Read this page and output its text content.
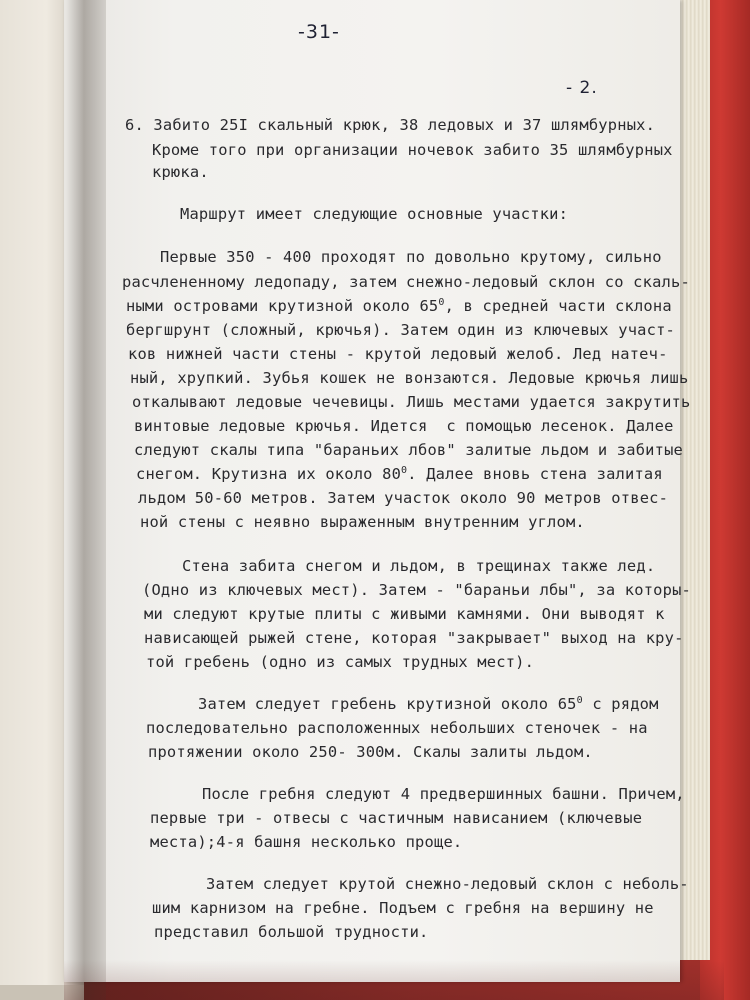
-31-
- 2.
6. Забито 25I скальный крюк, 38 ледовых и 37 шлямбурных.
Кроме того при организации ночевок забито 35 шлямбурных
крюка.
Маршрут имеет следующие основные участки:
Первые 350 - 400 проходят по довольно крутому, сильно
расчлененному ледопаду, затем снежно-ледовый склон со скаль-
ными островами крутизной около $65^0$, в средней части склона
бергшрунт (сложный, крючья). Затем один из ключевых участ-
ков нижней части стены - крутой ледовый желоб. Лед натеч-
ный, хрупкий. Зубья кошек не вонзаются. Ледовые крючья лишь
откалывают ледовые чечевицы. Лишь местами удается закрутить
винтовые ледовые крючья. Идется  с помощью лесенок. Далее
следуют скалы типа "бараньих лбов" залитые льдом и забитые
снегом. Крутизна их около $80^0$. Далее вновь стена залитая
льдом 50-60 метров. Затем участок около 90 метров отвес-
ной стены с неявно выраженным внутренним углом.
Стена забита снегом и льдом, в трещинах также лед.
(Одно из ключевых мест). Затем - "бараньи лбы", за которы-
ми следуют крутые плиты с живыми камнями. Они выводят к
нависающей рыжей стене, которая "закрывает" выход на кру-
той гребень (одно из самых трудных мест).
Затем следует гребень крутизной около $65^0$ с рядом
последовательно расположенных небольших стеночек - на
протяжении около 250- 300м. Скалы залиты льдом.
После гребня следуют 4 предвершинных башни. Причем,
первые три - отвесы с частичным нависанием (ключевые
места);4-я башня несколько проще.
Затем следует крутой снежно-ледовый склон с неболь-
шим карнизом на гребне. Подъем с гребня на вершину не
представил большой трудности.
